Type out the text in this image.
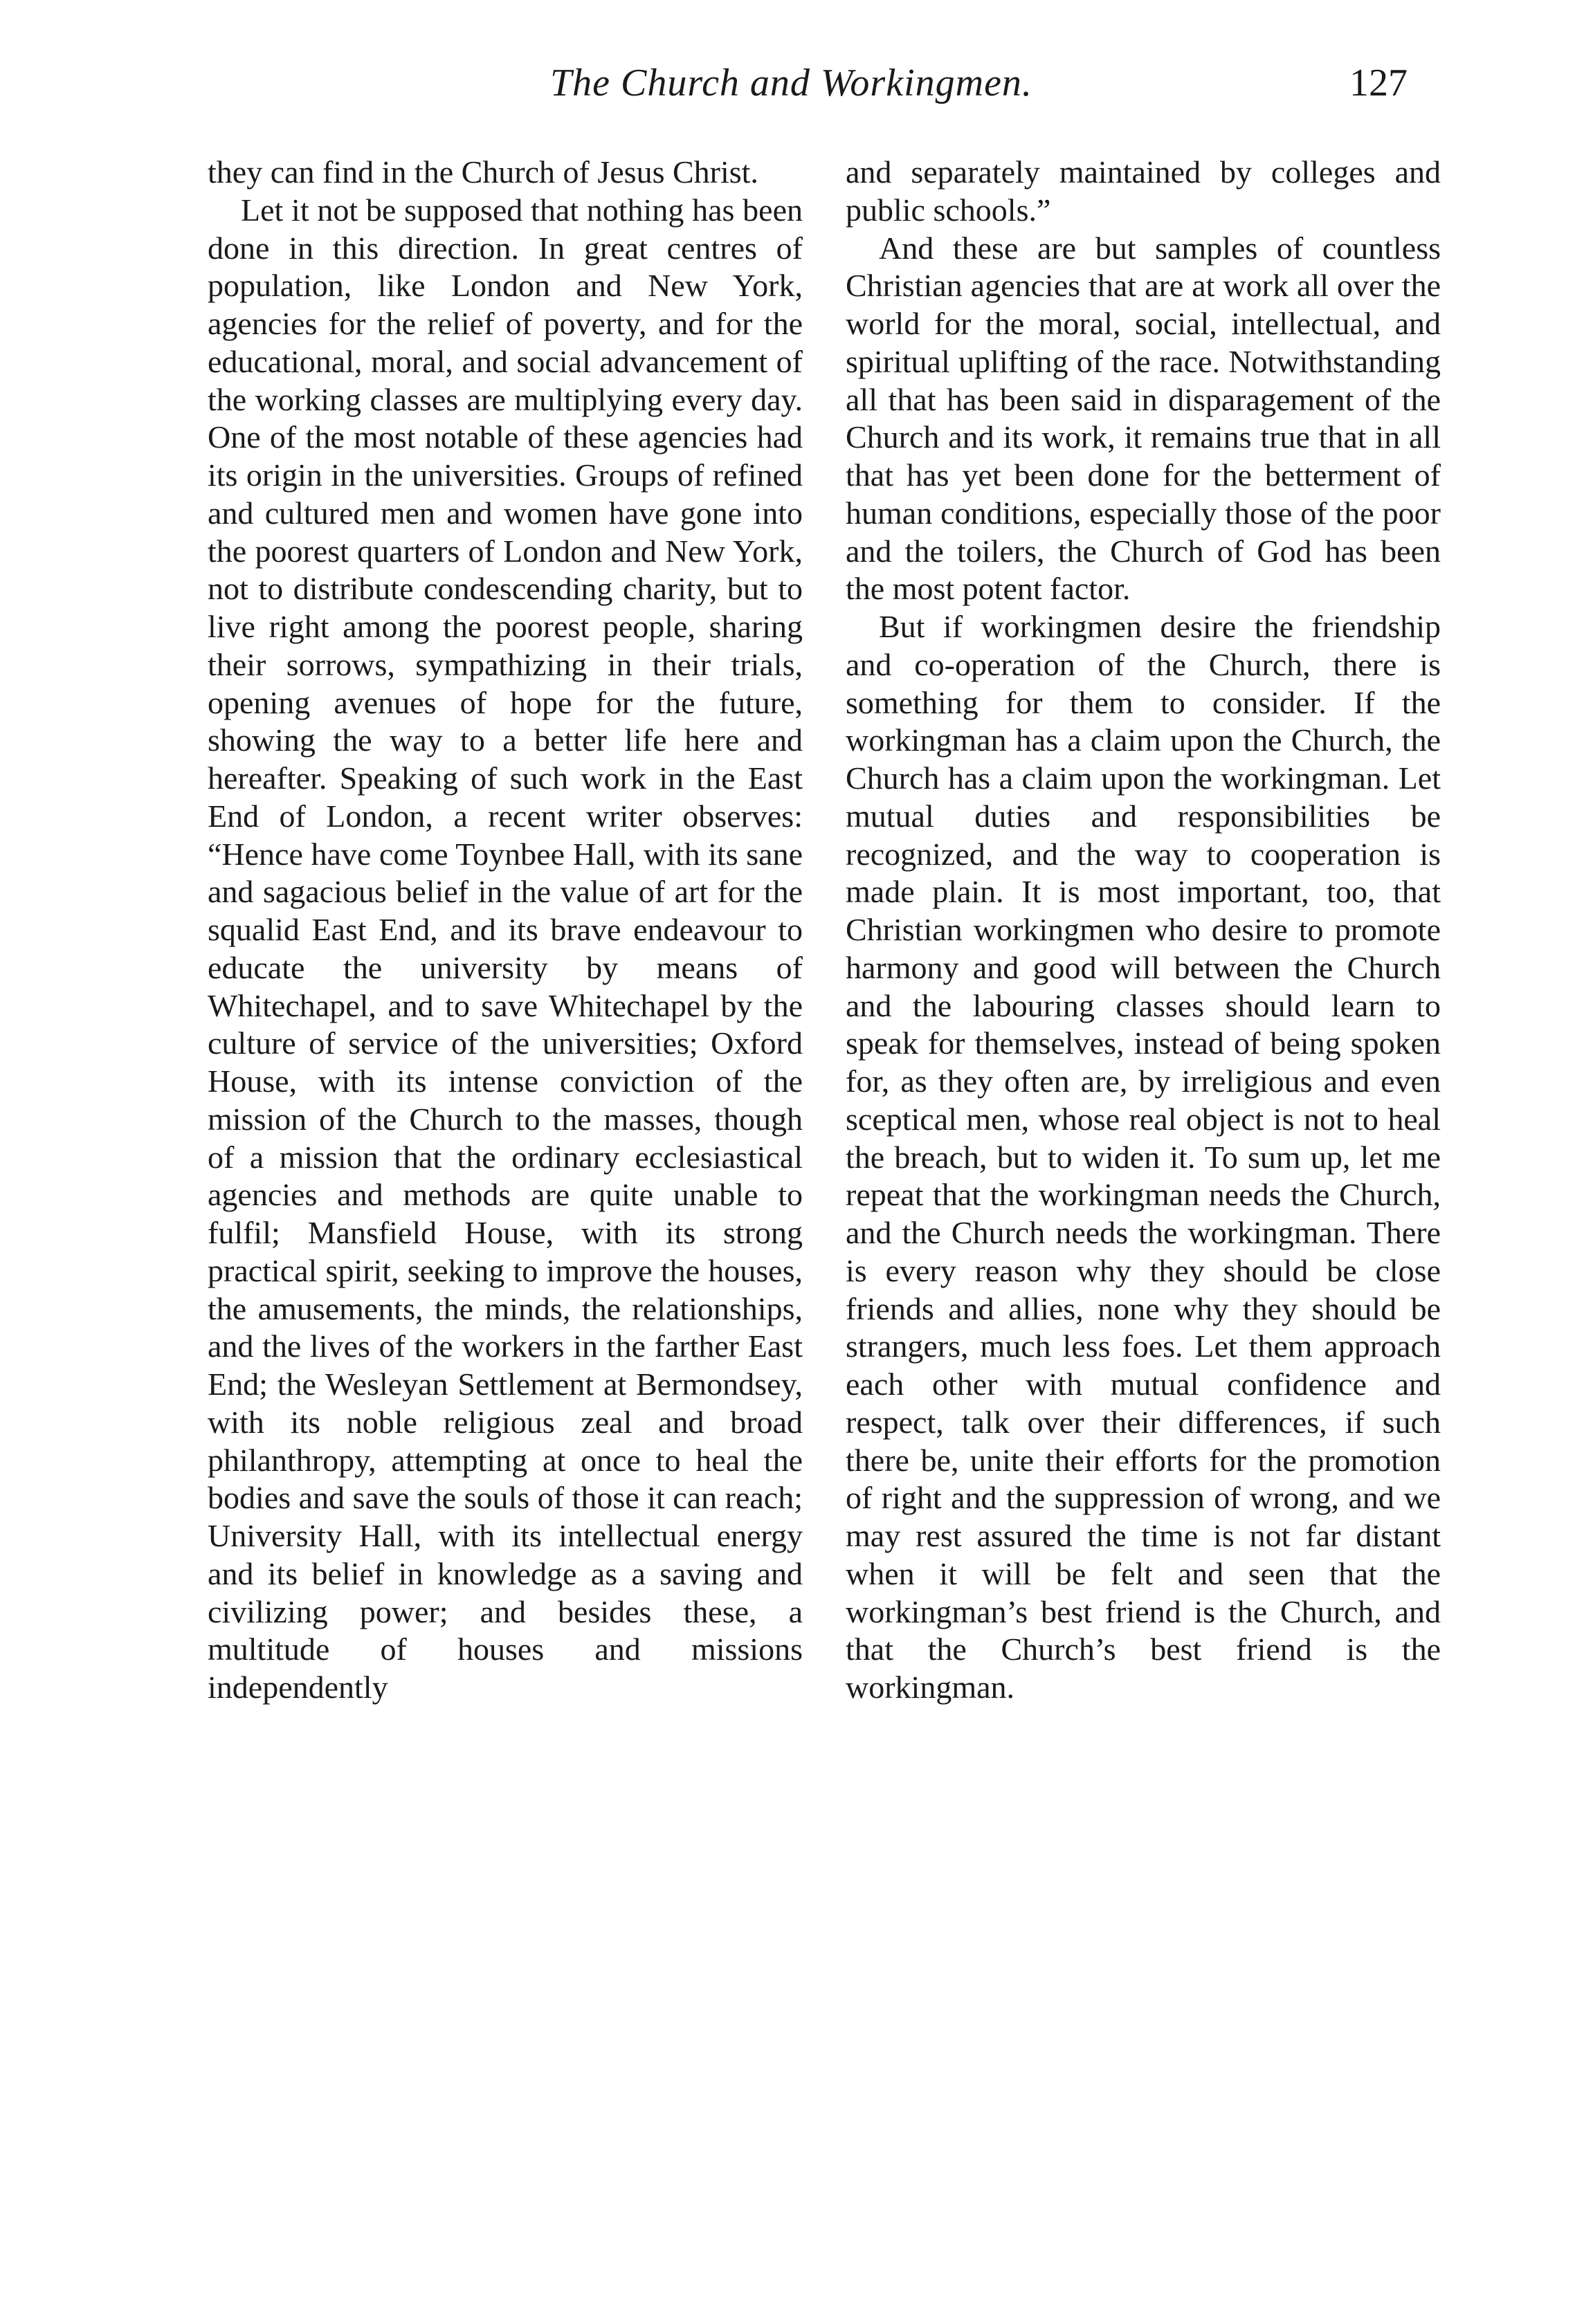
The Church and Workingmen.	127

they can find in the Church of Jesus Christ.

Let it not be supposed that nothing has been done in this direction. In great centres of population, like London and New York, agencies for the relief of poverty, and for the educational, moral, and social advancement of the working classes are multiplying every day. One of the most notable of these agencies had its origin in the universities. Groups of refined and cultured men and women have gone into the poorest quarters of London and New York, not to distribute condescending charity, but to live right among the poorest people, sharing their sorrows, sympathizing in their trials, opening avenues of hope for the future, showing the way to a better life here and hereafter. Speaking of such work in the East End of London, a recent writer observes: “Hence have come Toynbee Hall, with its sane and sagacious belief in the value of art for the squalid East End, and its brave endeavour to educate the university by means of Whitechapel, and to save Whitechapel by the culture of service of the universities; Oxford House, with its intense conviction of the mission of the Church to the masses, though of a mission that the ordinary ecclesiastical agencies and methods are quite unable to fulfil; Mansfield House, with its strong practical spirit, seeking to improve the houses, the amusements, the minds, the relationships, and the lives of the workers in the farther East End; the Wesleyan Settlement at Bermondsey, with its noble religious zeal and broad philanthropy, attempting at once to heal the bodies and save the souls of those it can reach; University Hall, with its intellectual energy and its belief in knowledge as a saving and civilizing power; and besides these, a multitude of houses and missions independently

and separately maintained by colleges and public schools.”

And these are but samples of countless Christian agencies that are at work all over the world for the moral, social, intellectual, and spiritual uplifting of the race. Notwithstanding all that has been said in disparagement of the Church and its work, it remains true that in all that has yet been done for the betterment of human conditions, especially those of the poor and the toilers, the Church of God has been the most potent factor.

But if workingmen desire the friendship and co-operation of the Church, there is something for them to consider. If the workingman has a claim upon the Church, the Church has a claim upon the workingman. Let mutual duties and responsibilities be recognized, and the way to cooperation is made plain. It is most important, too, that Christian workingmen who desire to promote harmony and good will between the Church and the labouring classes should learn to speak for themselves, instead of being spoken for, as they often are, by irreligious and even sceptical men, whose real object is not to heal the breach, but to widen it. To sum up, let me repeat that the workingman needs the Church, and the Church needs the workingman. There is every reason why they should be close friends and allies, none why they should be strangers, much less foes. Let them approach each other with mutual confidence and respect, talk over their differences, if such there be, unite their efforts for the promotion of right and the suppression of wrong, and we may rest assured the time is not far distant when it will be felt and seen that the workingman’s best friend is the Church, and that the Church’s best friend is the workingman.
